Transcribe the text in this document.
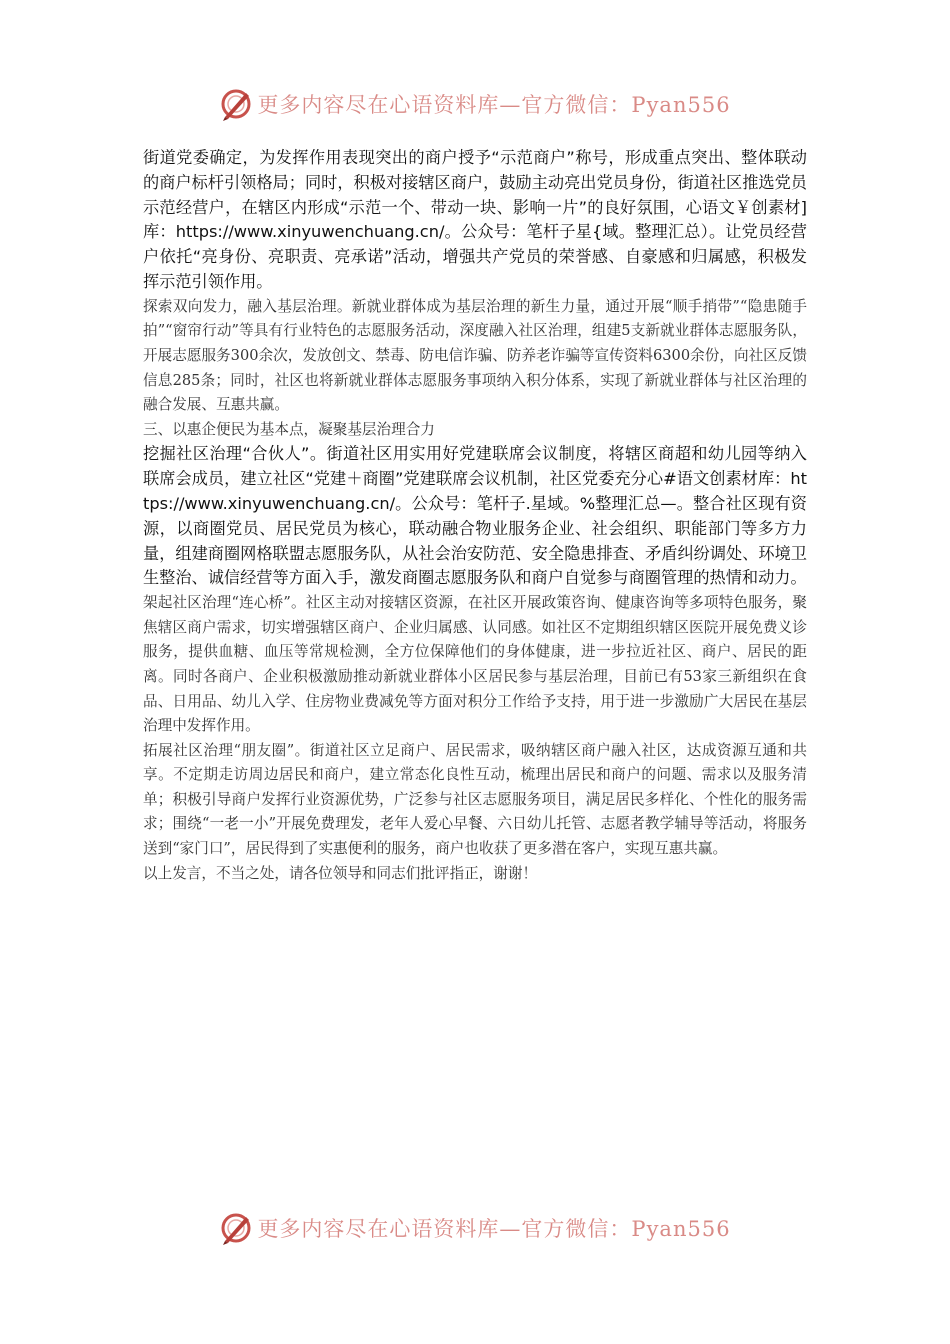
更多内容尽在心语资料库—官方微信：Pyan556

街道党委确定，为发挥作用表现突出的商户授予“示范商户”称号，形成重点突出、整体联动的商户标杆引领格局；同时，积极对接辖区商户，鼓励主动亮出党员身份，街道社区推选党员示范经营户，在辖区内形成“示范一个、带动一块、影响一片”的良好氛围，心语文￥创素材]库：https://www.xinyuwenchuang.cn/。公众号：笔杆子星{域。整理汇总）。让党员经营户依托“亮身份、亮职责、亮承诺”活动，增强共产党员的荣誉感、自豪感和归属感，积极发挥示范引领作用。

探索双向发力，融入基层治理。新就业群体成为基层治理的新生力量，通过开展“顺手捎带”“隐患随手拍”“窗帘行动”等具有行业特色的志愿服务活动，深度融入社区治理，组建5支新就业群体志愿服务队，开展志愿服务300余次，发放创文、禁毒、防电信诈骗、防养老诈骗等宣传资料6300余份，向社区反馈信息285条；同时，社区也将新就业群体志愿服务事项纳入积分体系，实现了新就业群体与社区治理的融合发展、互惠共赢。

三、以惠企便民为基本点，凝聚基层治理合力

挖掘社区治理“合伙人”。街道社区用实用好党建联席会议制度，将辖区商超和幼儿园等纳入联席会成员，建立社区“党建＋商圈”党建联席会议机制，社区党委充分心#语文创素材库：https://www.xinyuwenchuang.cn/。公众号：笔杆子.星域。%整理汇总—。整合社区现有资源，以商圈党员、居民党员为核心，联动融合物业服务企业、社会组织、职能部门等多方力量，组建商圈网格联盟志愿服务队，从社会治安防范、安全隐患排查、矛盾纠纷调处、环境卫生整治、诚信经营等方面入手，激发商圈志愿服务队和商户自觉参与商圈管理的热情和动力。

架起社区治理“连心桥”。社区主动对接辖区资源，在社区开展政策咨询、健康咨询等多项特色服务，聚焦辖区商户需求，切实增强辖区商户、企业归属感、认同感。如社区不定期组织辖区医院开展免费义诊服务，提供血糖、血压等常规检测，全方位保障他们的身体健康，进一步拉近社区、商户、居民的距离。同时各商户、企业积极激励推动新就业群体小区居民参与基层治理，目前已有53家三新组织在食品、日用品、幼儿入学、住房物业费减免等方面对积分工作给予支持，用于进一步激励广大居民在基层治理中发挥作用。

拓展社区治理“朋友圈”。街道社区立足商户、居民需求，吸纳辖区商户融入社区，达成资源互通和共享。不定期走访周边居民和商户，建立常态化良性互动，梳理出居民和商户的问题、需求以及服务清单；积极引导商户发挥行业资源优势，广泛参与社区志愿服务项目，满足居民多样化、个性化的服务需求；围绕“一老一小”开展免费理发，老年人爱心早餐、六日幼儿托管、志愿者教学辅导等活动，将服务送到“家门口”，居民得到了实惠便利的服务，商户也收获了更多潜在客户，实现互惠共赢。

以上发言，不当之处，请各位领导和同志们批评指正，谢谢！

更多内容尽在心语资料库—官方微信：Pyan556
